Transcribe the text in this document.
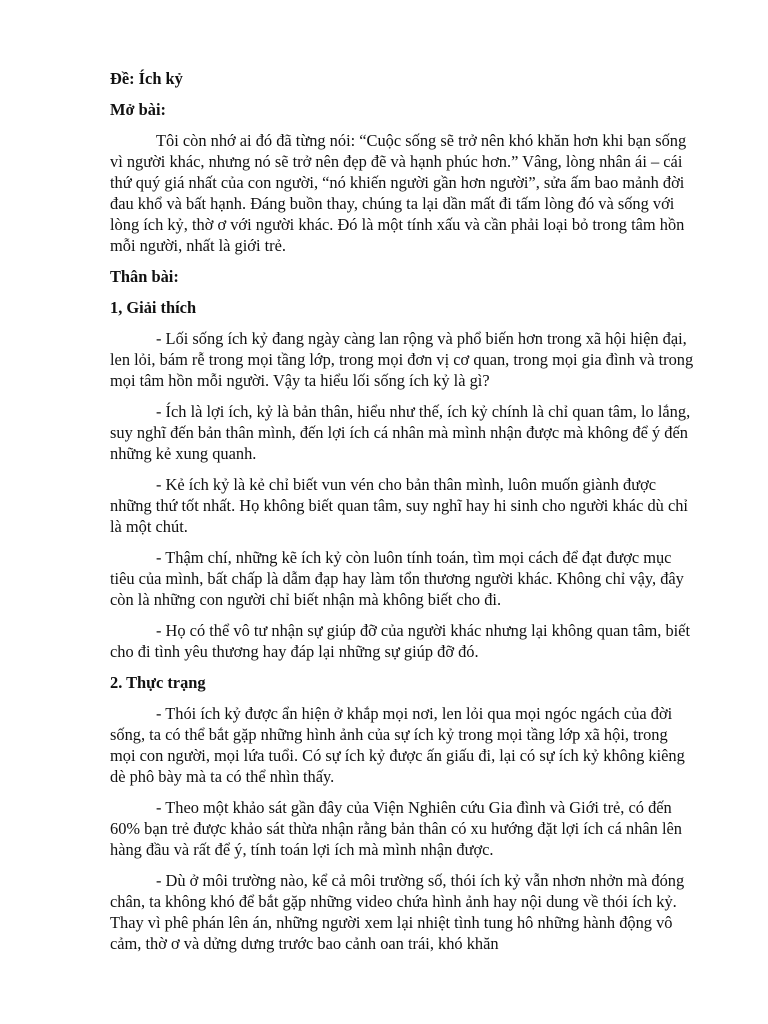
Đề: Ích kỷ
Mở bài:
Tôi còn nhớ ai đó đã từng nói: “Cuộc sống sẽ trở nên khó khăn hơn khi bạn sống vì người khác, nhưng nó sẽ trở nên đẹp đẽ và hạnh phúc hơn.” Vâng, lòng nhân ái – cái thứ quý giá nhất của con người, “nó khiến người gần hơn người”, sửa ấm bao mảnh đời đau khổ và bất hạnh. Đáng buồn thay, chúng ta lại dần mất đi tấm lòng đó và sống với lòng ích kỷ, thờ ơ với người khác. Đó là một tính xấu và cần phải loại bỏ trong tâm hồn mỗi người, nhất là giới trẻ.
Thân bài:
1, Giải thích
- Lối sống ích kỷ đang ngày càng lan rộng và phổ biến hơn trong xã hội hiện đại, len lỏi, bám rễ trong mọi tầng lớp, trong mọi đơn vị cơ quan, trong mọi gia đình và trong mọi tâm hồn mỗi người. Vậy ta hiểu lối sống ích kỷ là gì?
- Ích là lợi ích, kỷ là bản thân, hiểu như thế, ích kỷ chính là chỉ quan tâm, lo lắng, suy nghĩ đến bản thân mình, đến lợi ích cá nhân mà mình nhận được mà không để ý đến những kẻ xung quanh.
- Kẻ ích kỷ là kẻ chỉ biết vun vén cho bản thân mình, luôn muốn giành được những thứ tốt nhất. Họ không biết quan tâm, suy nghĩ hay hi sinh cho người khác dù chỉ là một chút.
- Thậm chí, những kẽ ích kỷ còn luôn tính toán, tìm mọi cách để đạt được mục tiêu của mình, bất chấp là dẫm đạp hay làm tổn thương người khác. Không chỉ vậy, đây còn là những con người chỉ biết nhận mà không biết cho đi.
- Họ có thể vô tư nhận sự giúp đỡ của người khác nhưng lại không quan tâm, biết cho đi tình yêu thương hay đáp lại những sự giúp đỡ đó.
2. Thực trạng
- Thói ích kỷ được ẩn hiện ở khắp mọi nơi, len lỏi qua mọi ngóc ngách của đời sống, ta có thể bắt gặp những hình ảnh của sự ích kỷ trong mọi tầng lớp xã hội, trong mọi con người, mọi lứa tuổi. Có sự ích kỷ được ấn giấu đi, lại có sự ích kỷ không kiêng dè phô bày mà ta có thể nhìn thấy.
- Theo một khảo sát gần đây của Viện Nghiên cứu Gia đình và Giới trẻ, có đến 60% bạn trẻ được khảo sát thừa nhận rằng bản thân có xu hướng đặt lợi ích cá nhân lên hàng đầu và rất để ý, tính toán lợi ích mà mình nhận được.
- Dù ở môi trường nào, kể cả môi trường số, thói ích kỷ vẫn nhơn nhởn mà đóng chân, ta không khó để bắt gặp những video chứa hình ảnh hay nội dung về thói ích kỷ. Thay vì phê phán lên án, những người xem lại nhiệt tình tung hô những hành động vô cảm, thờ ơ và dửng dưng trước bao cảnh oan trái, khó khăn
